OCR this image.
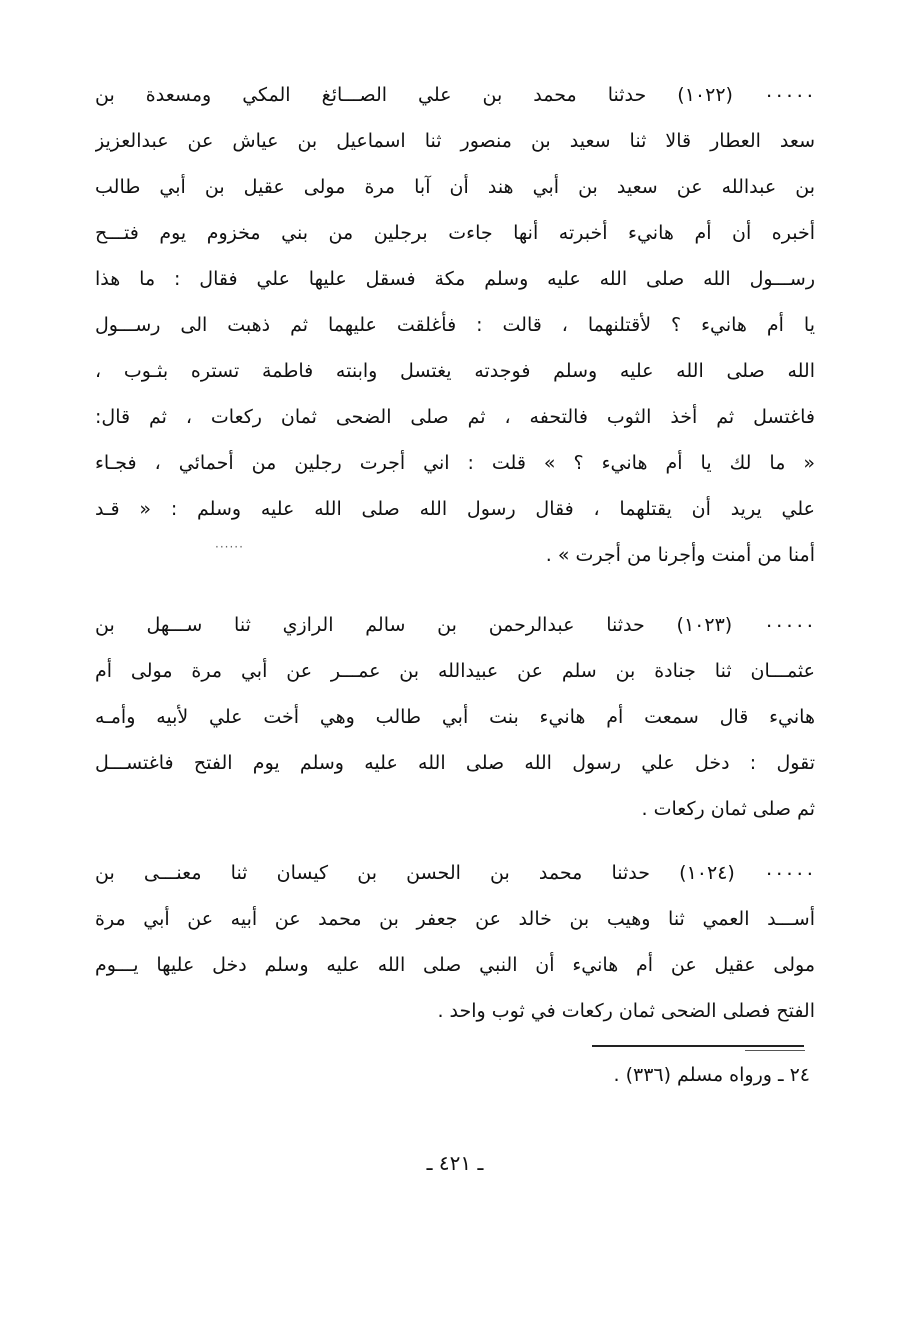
٠٠٠٠٠ (١٠٢٢) حدثنا محمد بن علي الصـــائغ المكي ومسعدة بن
سعد العطار قالا ثنا سعيد بن منصور ثنا اسماعيل بن عياش عن عبدالعزيز
بن عبدالله عن سعيد بن أبي هند أن آبا مرة مولى عقيل بن أبي طالب
أخبره أن أم هانيء أخبرته أنها جاءت برجلين من بني مخزوم يوم فتـــح
رســـول الله صلى الله عليه وسلم مكة فسقل عليها علي فقال : ما هذا
يا أم هانيء ؟ لأقتلنهما ، قالت : فأغلقت عليهما ثم ذهبت الى رســـول
الله صلى الله عليه وسلم فوجدته يغتسل وابنته فاطمة تستره بثـوب ،
فاغتسل ثم أخذ الثوب فالتحفه ، ثم صلى الضحى ثمان ركعات ، ثم قال:
« ما لك يا أم هانيء ؟ » قلت : اني أجرت رجلين من أحمائي ، فجـاء
علي يريد أن يقتلهما ، فقال رسول الله صلى الله عليه وسلم : « قـد
······	أمنا من أمنت وأجرنا من أجرت » .
٠٠٠٠٠ (١٠٢٣) حدثنا عبدالرحمن بن سالم الرازي ثنا ســـهل بن
عثمـــان ثنا جنادة بن سلم عن عبيدالله بن عمـــر عن أبي مرة مولى أم
هانيء قال سمعت أم هانيء بنت أبي طالب وهي أخت علي لأبيه وأمـه
تقول : دخل علي رسول الله صلى الله عليه وسلم يوم الفتح فاغتســـل
ثم صلى ثمان ركعات .
٠٠٠٠٠ (١٠٢٤) حدثنا محمد بن الحسن بن كيسان ثنا معنـــى بن
أســـد العمي ثنا وهيب بن خالد عن جعفر بن محمد عن أبيه عن أبي مرة
مولى عقيل عن أم هانيء أن النبي صلى الله عليه وسلم دخل عليها يـــوم
الفتح فصلى الضحى ثمان ركعات في ثوب واحد .
٢٤ ـ ورواه مسلم (٣٣٦) .
ـ ٤٢١ ـ
